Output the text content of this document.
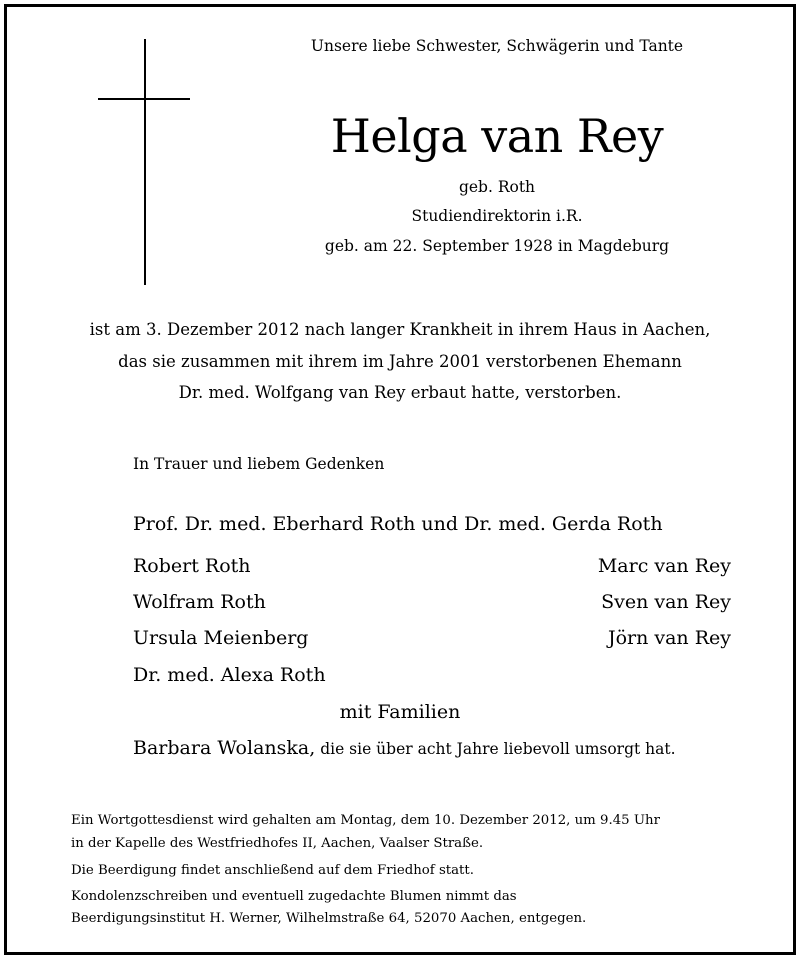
Unsere liebe Schwester, Schwägerin und Tante
Helga van Rey
geb. Roth
Studiendirektorin i.R.
geb. am 22. September 1928 in Magdeburg
ist am 3. Dezember 2012 nach langer Krankheit in ihrem Haus in Aachen,
das sie zusammen mit ihrem im Jahre 2001 verstorbenen Ehemann
Dr. med. Wolfgang van Rey erbaut hatte, verstorben.
In Trauer und liebem Gedenken
Prof. Dr. med. Eberhard Roth und Dr. med. Gerda Roth
Robert Roth
Wolfram Roth
Ursula Meienberg
Dr. med. Alexa Roth
Marc van Rey
Sven van Rey
Jörn van Rey
mit Familien
Barbara Wolanska, die sie über acht Jahre liebevoll umsorgt hat.
Ein Wortgottesdienst wird gehalten am Montag, dem 10. Dezember 2012, um 9.45 Uhr
in der Kapelle des Westfriedhofes II, Aachen, Vaalser Straße.
Die Beerdigung findet anschließend auf dem Friedhof statt.
Kondolenzschreiben und eventuell zugedachte Blumen nimmt das
Beerdigungsinstitut H. Werner, Wilhelmstraße 64, 52070 Aachen, entgegen.
